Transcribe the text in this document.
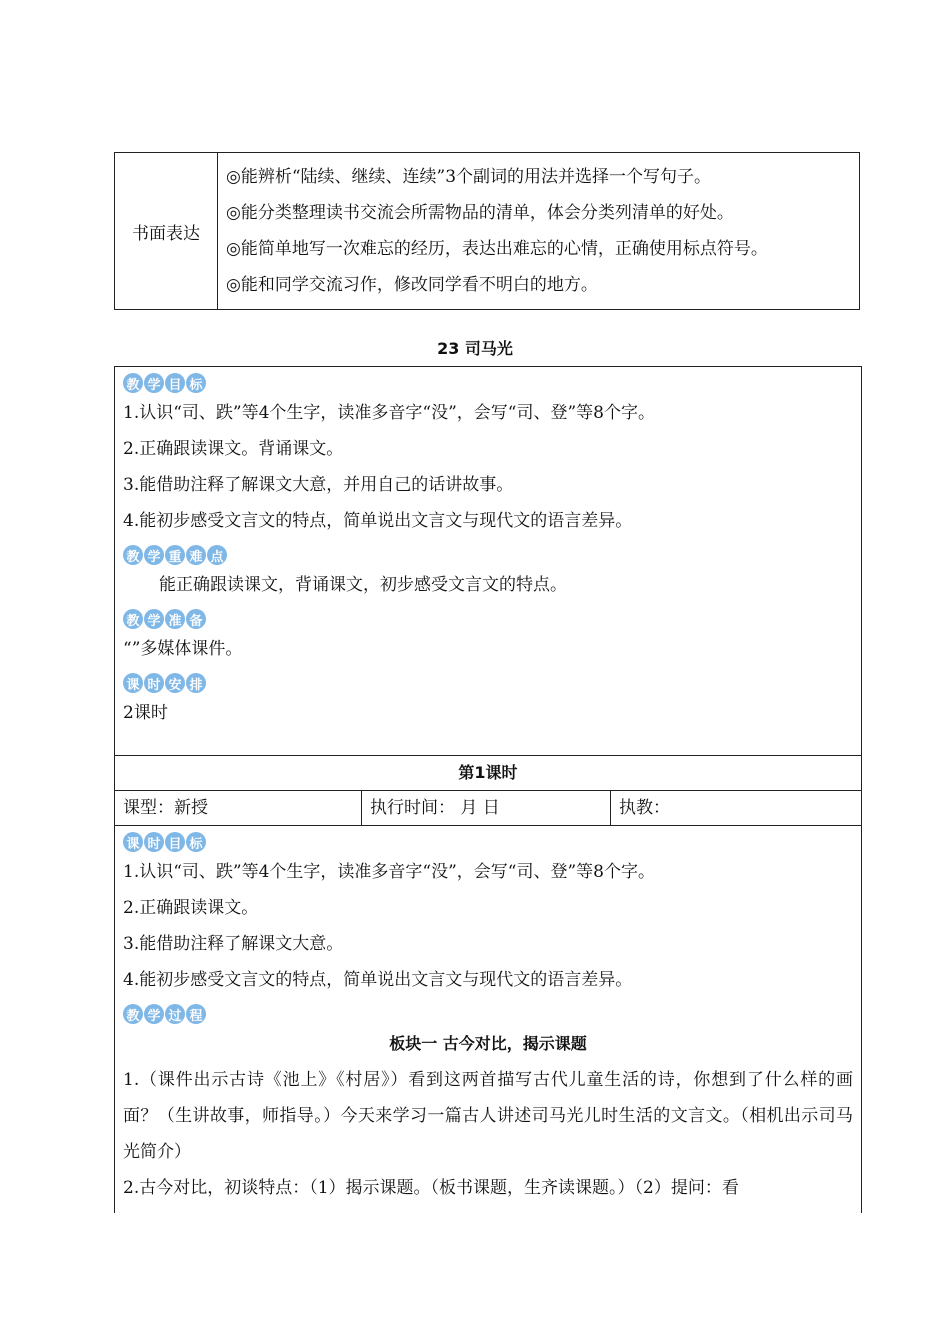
书面表达	
◎能辨析“陆续、继续、连续”3个副词的用法并选择一个写句子。
◎能分类整理读书交流会所需物品的清单，体会分类列清单的好处。
◎能简单地写一次难忘的经历，表达出难忘的心情，正确使用标点符号。
◎能和同学交流习作，修改同学看不明白的地方。
23 司马光
教 学 目 标
1.认识“司、跌”等4个生字，读准多音字“没”，会写“司、登”等8个字。
2.正确跟读课文。背诵课文。
3.能借助注释了解课文大意，并用自己的话讲故事。
4.能初步感受文言文的特点，简单说出文言文与现代文的语言差异。
教 学 重 难 点
能正确跟读课文，背诵课文，初步感受文言文的特点。
教 学 准 备
“”多媒体课件。
课 时 安 排
2课时
第1课时
课型：新授	执行时间： 月 日	执教：
课 时 目 标
1.认识“司、跌”等4个生字，读准多音字“没”，会写“司、登”等8个字。
2.正确跟读课文。
3.能借助注释了解课文大意。
4.能初步感受文言文的特点，简单说出文言文与现代文的语言差异。
教 学 过 程
板块一 古今对比，揭示课题
1.（课件出示古诗《池上》《村居》）看到这两首描写古代儿童生活的诗，你想到了什么样的画面？（生讲故事，师指导。）今天来学习一篇古人讲述司马光儿时生活的文言文。（相机出示司马光简介）
2.古今对比，初谈特点：（1）揭示课题。（板书课题，生齐读课题。）（2）提问：看
